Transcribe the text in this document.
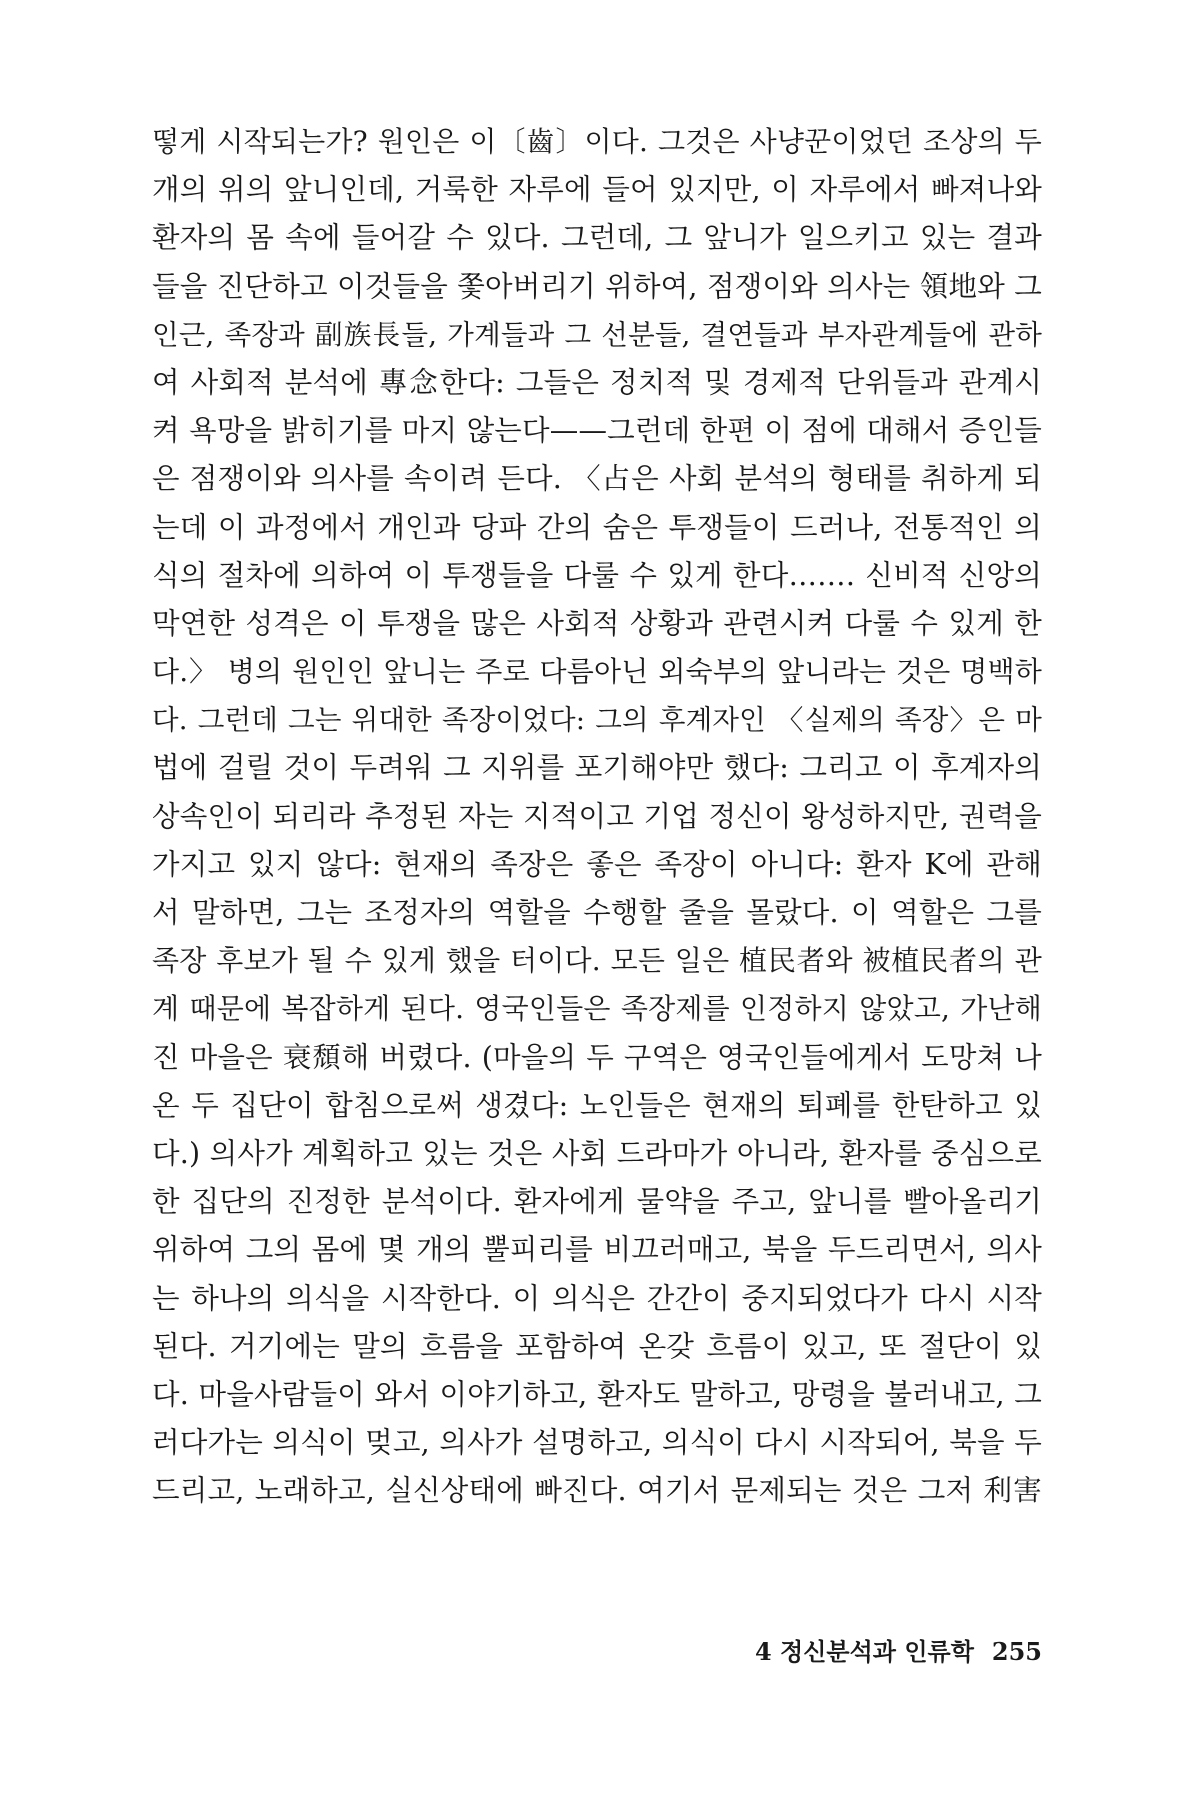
떻게 시작되는가? 원인은 이〔齒〕이다. 그것은 사냥꾼이었던 조상의 두
개의 위의 앞니인데, 거룩한 자루에 들어 있지만, 이 자루에서 빠져나와
환자의 몸 속에 들어갈 수 있다. 그런데, 그 앞니가 일으키고 있는 결과
들을 진단하고 이것들을 쫓아버리기 위하여, 점쟁이와 의사는 領地와 그
인근, 족장과 副族長들, 가계들과 그 선분들, 결연들과 부자관계들에 관하
여 사회적 분석에 專念한다: 그들은 정치적 및 경제적 단위들과 관계시
켜 욕망을 밝히기를 마지 않는다——그런데 한편 이 점에 대해서 증인들
은 점쟁이와 의사를 속이려 든다. 〈占은 사회 분석의 형태를 취하게 되
는데 이 과정에서 개인과 당파 간의 숨은 투쟁들이 드러나, 전통적인 의
식의 절차에 의하여 이 투쟁들을 다룰 수 있게 한다……. 신비적 신앙의
막연한 성격은 이 투쟁을 많은 사회적 상황과 관련시켜 다룰 수 있게 한
다.〉 병의 원인인 앞니는 주로 다름아닌 외숙부의 앞니라는 것은 명백하
다. 그런데 그는 위대한 족장이었다: 그의 후계자인 〈실제의 족장〉은 마
법에 걸릴 것이 두려워 그 지위를 포기해야만 했다: 그리고 이 후계자의
상속인이 되리라 추정된 자는 지적이고 기업 정신이 왕성하지만, 권력을
가지고 있지 않다: 현재의 족장은 좋은 족장이 아니다: 환자 K에 관해
서 말하면, 그는 조정자의 역할을 수행할 줄을 몰랐다. 이 역할은 그를
족장 후보가 될 수 있게 했을 터이다. 모든 일은 植民者와 被植民者의 관
계 때문에 복잡하게 된다. 영국인들은 족장제를 인정하지 않았고, 가난해
진 마을은 衰頹해 버렸다. (마을의 두 구역은 영국인들에게서 도망쳐 나
온 두 집단이 합침으로써 생겼다: 노인들은 현재의 퇴폐를 한탄하고 있
다.) 의사가 계획하고 있는 것은 사회 드라마가 아니라, 환자를 중심으로
한 집단의 진정한 분석이다. 환자에게 물약을 주고, 앞니를 빨아올리기
위하여 그의 몸에 몇 개의 뿔피리를 비끄러매고, 북을 두드리면서, 의사
는 하나의 의식을 시작한다. 이 의식은 간간이 중지되었다가 다시 시작
된다. 거기에는 말의 흐름을 포함하여 온갖 흐름이 있고, 또 절단이 있
다. 마을사람들이 와서 이야기하고, 환자도 말하고, 망령을 불러내고, 그
러다가는 의식이 멎고, 의사가 설명하고, 의식이 다시 시작되어, 북을 두
드리고, 노래하고, 실신상태에 빠진다. 여기서 문제되는 것은 그저 利害
4 정신분석과 인류학 255
